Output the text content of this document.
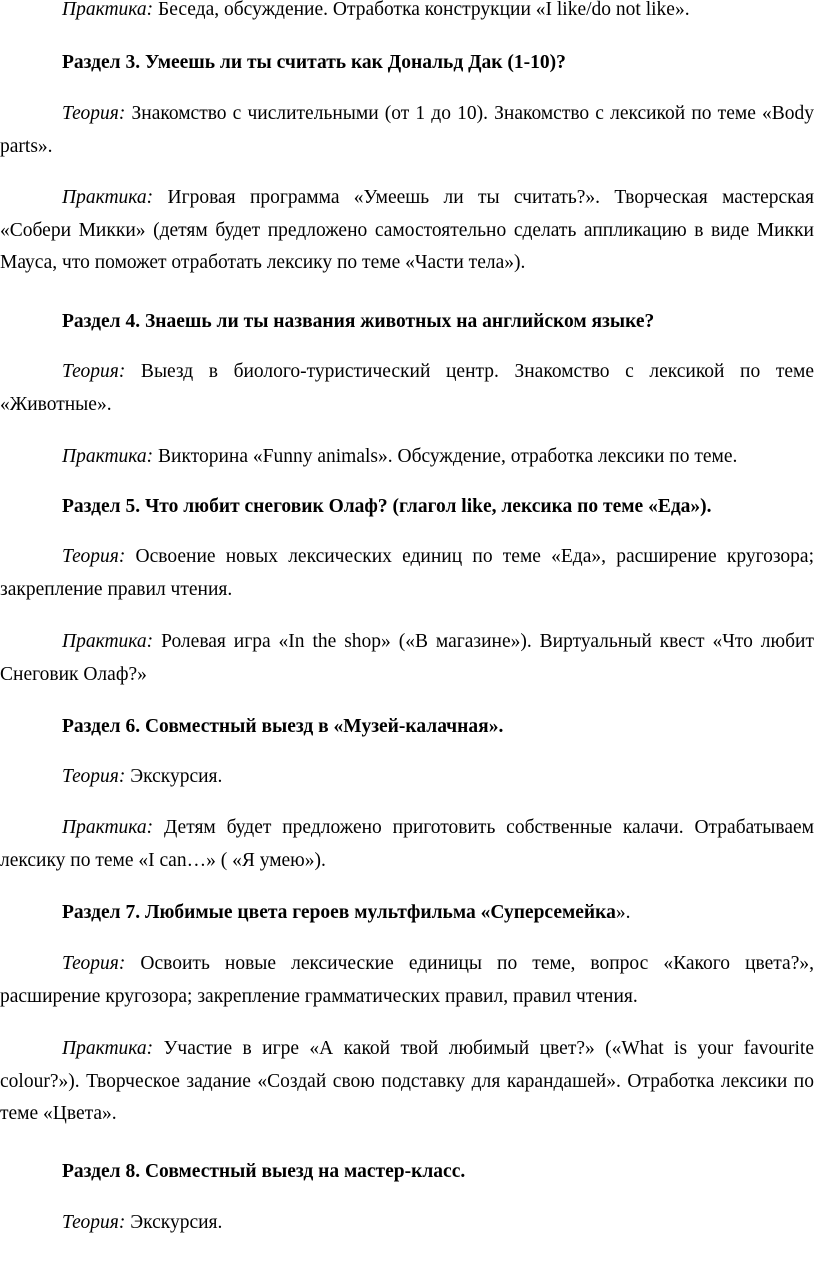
Практика: Беседа, обсуждение. Отработка конструкции «I like/do not like».

Раздел 3. Умеешь ли ты считать как Дональд Дак (1-10)?

Теория: Знакомство с числительными (от 1 до 10). Знакомство с лексикой по теме «Body parts».

Практика: Игровая программа «Умеешь ли ты считать?». Творческая мастерская «Собери Микки» (детям будет предложено самостоятельно сделать аппликацию в виде Микки Мауса, что поможет отработать лексику по теме «Части тела»).

Раздел 4. Знаешь ли ты названия животных на английском языке?

Теория: Выезд в биолого-туристический центр. Знакомство с лексикой по теме «Животные».

Практика: Викторина «Funny animals». Обсуждение, отработка лексики по теме.

Раздел 5. Что любит снеговик Олаф? (глагол like, лексика по теме «Еда»).

Теория: Освоение новых лексических единиц по теме «Еда», расширение кругозора; закрепление правил чтения.

Практика: Ролевая игра «In the shop» («В магазине»). Виртуальный квест «Что любит Снеговик Олаф?»

Раздел 6. Совместный выезд в «Музей-калачная».

Теория: Экскурсия.

Практика: Детям будет предложено приготовить собственные калачи. Отрабатываем лексику по теме «I can…» ( «Я умею»).

Раздел 7. Любимые цвета героев мультфильма «Суперсемейка».

Теория: Освоить новые лексические единицы по теме, вопрос «Какого цвета?», расширение кругозора; закрепление грамматических правил, правил чтения.

Практика: Участие в игре «А какой твой любимый цвет?» («What is your favourite colour?»). Творческое задание «Создай свою подставку для карандашей». Отработка лексики по теме «Цвета».

Раздел 8. Совместный выезд на мастер-класс.

Теория: Экскурсия.
